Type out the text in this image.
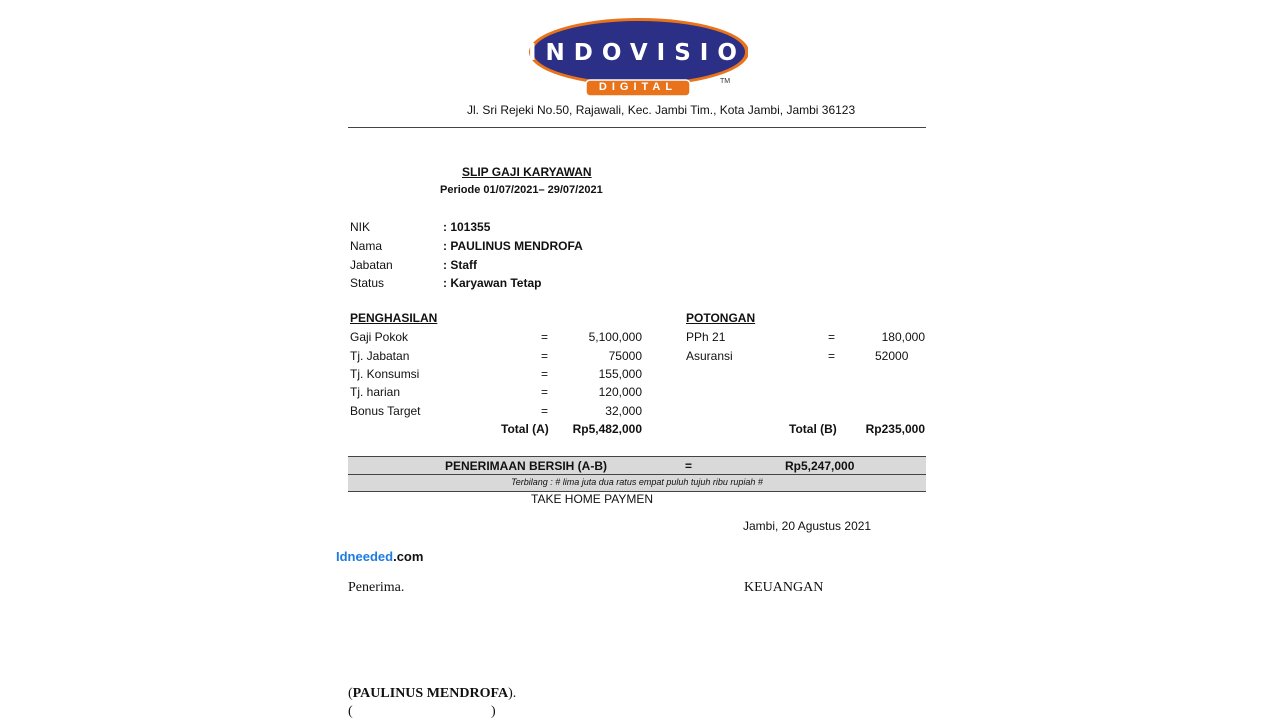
INDOVISION
DIGITAL	TM
Jl. Sri Rejeki No.50, Rajawali, Kec. Jambi Tim., Kota Jambi, Jambi 36123
SLIP GAJI KARYAWAN
Periode 01/07/2021– 29/07/2021
NIK	: 101355
Nama	: PAULINUS MENDROFA
Jabatan	: Staff
Status	: Karyawan Tetap
PENGHASILAN
Gaji Pokok	=	5,100,000
Tj. Jabatan	=	75000
Tj. Konsumsi	=	155,000
Tj. harian	=	120,000
Bonus Target	=	32,000
Total (A)	Rp5,482,000
POTONGAN
PPh 21	=	180,000
Asuransi	=	52000
Total (B)	Rp235,000
PENERIMAAN BERSIH (A-B)	=	Rp5,247,000
Terbilang : # lima juta dua ratus empat puluh tujuh ribu rupiah #
TAKE HOME PAYMEN
Jambi, 20 Agustus 2021
Idneeded.com
Penerima.	KEUANGAN
(PAULINUS MENDROFA).
(	)
